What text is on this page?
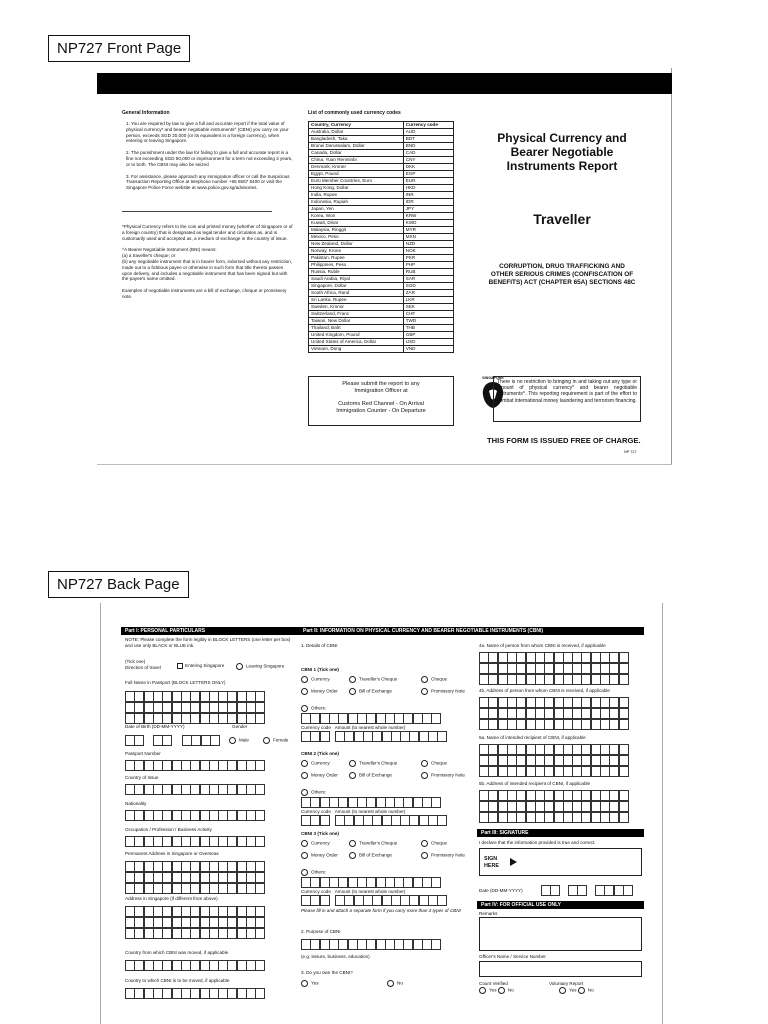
NP727 Front Page
General Information
1. You are required by law to give a full and accurate report if the total value of physical currency* and bearer negotiable instruments^ (CBNI) you carry on your person, exceeds SGD 20,000 (or its equivalent in a foreign currency), when entering or leaving Singapore.
2. The punishment under the law for failing to give a full and accurate report is a fine not exceeding SGD 50,000 or imprisonment for a term not exceeding 3 years, or to both. The CBNI may also be seized
3. For assistance, please approach any immigration officer or call the Suspicious Transaction Reporting Office at telephone number +65 6557 5400 or visit the Singapore Police Force website at www.police.gov.sg/advisories.
*Physical Currency refers to the coin and printed money (whether of Singapore or of a foreign country) that is designated as legal tender and circulates as, and is customarily used and accepted as, a medium of exchange in the country of issue.
^A Bearer Negotiable Instrument (BNI) means:
(a) a traveller's cheque; or
(b) any negotiable instrument that is in bearer form, indorsed without any restriction, made out to a fictitious payee or otherwise in such form that title thereto passes upon delivery, and includes a negotiable instrument that has been signed but with the payee's name omitted.
Examples of negotiable instruments are a bill of exchange, cheque or promissory note.
List of commonly used currency codes
Country, Currency	Currency code
Australia, Dollar	AUD
Bangladesh, Taka	BDT
Brunei Darussalam, Dollar	BND
Canada, Dollar	CAD
China, Yuan Renminbi	CNY
Denmark, Kroner	DKK
Egypt, Pound	EGP
Euro Member Countries, Euro	EUR
Hong Kong, Dollar	HKD
India, Rupee	INR
Indonesia, Rupiah	IDR
Japan, Yen	JPY
Korea, Won	KRW
Kuwait, Dinar	KWD
Malaysia, Ringgit	MYR
Mexico, Peso	MXN
New Zealand, Dollar	NZD
Norway, Krone	NOK
Pakistan, Rupee	PKR
Philippines, Peso	PHP
Russia, Ruble	RUB
Saudi Arabia, Riyal	SAR
Singapore, Dollar	SGD
South Africa, Rand	ZAR
Sri Lanka, Rupee	LKR
Sweden, Kronor	SEK
Switzerland, Franc	CHF
Taiwan, New Dollar	TWD
Thailand, Baht	THB
United Kingdom, Pound	GBP
United States of America, Dollar	USD
Vietnam, Dong	VND
Please submit the report to any
Immigration Officer at
Customs Red Channel - On Arrival
Immigration Counter - On Departure
Physical Currency and Bearer Negotiable Instruments Report
Traveller
CORRUPTION, DRUG TRAFFICKING AND OTHER SERIOUS CRIMES (CONFISCATION OF BENEFITS) ACT (CHAPTER 65A) SECTIONS 48C
SINGAPORE
There is no restriction to bringing in and taking out any type or amount of physical currency* and bearer negotiable instruments^. This reporting requirement is part of the effort to combat international money laundering and terrorism financing.
THIS FORM IS ISSUED FREE OF CHARGE.
NP 727
NP727 Back Page
Part I: PERSONAL PARTICULARS
NOTE: Please complete the form legibly in BLOCK LETTERS (one letter per box) and use only BLACK or BLUE ink.
(Tick one)
Direction of travel	Entering Singapore	Leaving Singapore
Full Name in Passport (BLOCK LETTERS ONLY)
Date of Birth (DD-MM-YYYY)	Gender
Male	Female
Passport Number
Country of Issue
Nationality
Occupation / Profession / Business Activity
Permanent Address in Singapore or Overseas
Address in Singapore (if different from above)
Country from which CBNI was moved, if applicable
Country to which CBNI is to be moved, if applicable
Part II: INFORMATION ON PHYSICAL CURRENCY AND BEARER NEGOTIABLE INSTRUMENTS (CBNI)
1. Details of CBNI
CBNI 1 (Tick one)
Currency	Traveller's Cheque	Cheque
Money Order	Bill of Exchange	Promissory Note
Others:
Currency code Amount (to nearest whole number)
CBNI 2 (Tick one)
Currency	Traveller's Cheque	Cheque
Money Order	Bill of Exchange	Promissory Note
Others:
Currency code Amount (to nearest whole number)
CBNI 3 (Tick one)
Currency	Traveller's Cheque	Cheque
Money Order	Bill of Exchange	Promissory Note
Others:
Currency code Amount (to nearest whole number)
Please fill in and attach a separate form if you carry more than 3 types of CBNI
2. Purpose of CBNI
(e.g. leisure, business, education)
3. Do you own the CBNI?
Yes	No
4a. Name of person from whom CBNI is received, if applicable
4b. Address of person from whom CBNI is received, if applicable
5a. Name of intended recipient of CBNI, if applicable
5b. Address of intended recipient of CBNI, if applicable
Part III: SIGNATURE
I declare that the information provided is true and correct.
SIGN HERE
Date (DD-MM-YYYY)
Part IV: FOR OFFICIAL USE ONLY
Remarks
Officer's Name / Service Number
Count Verified
Yes No
Voluntary Report
Yes No
